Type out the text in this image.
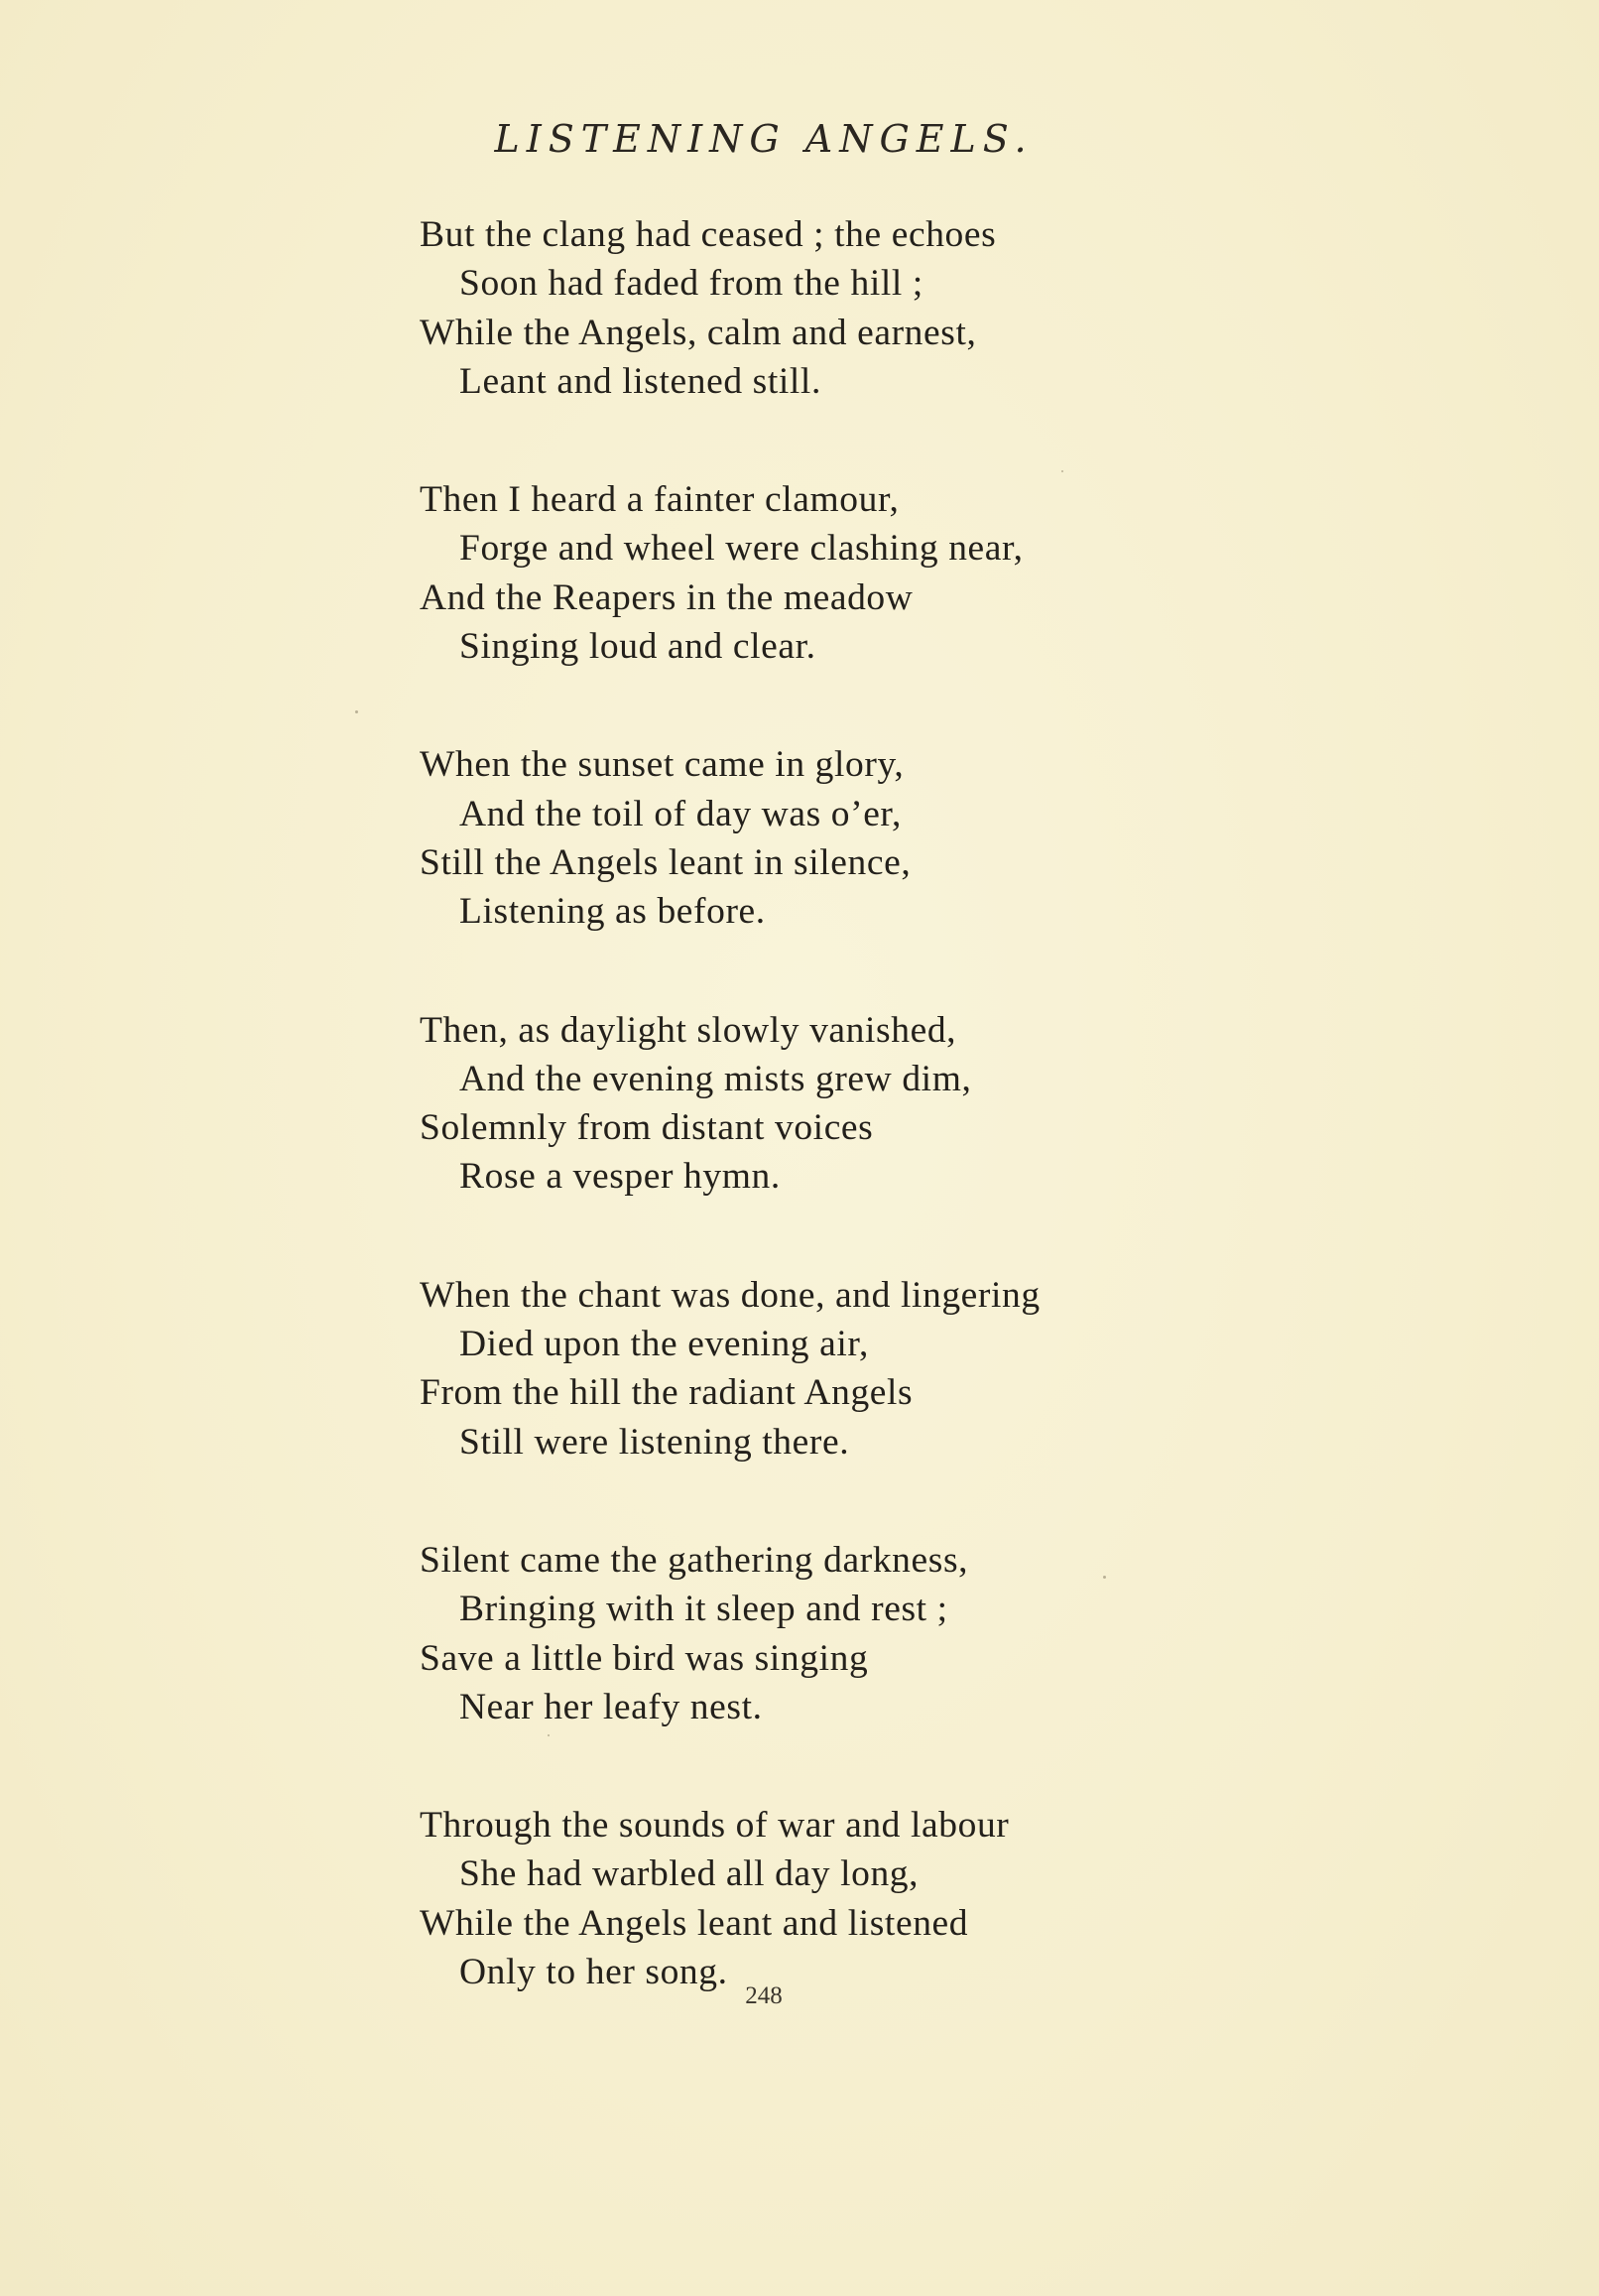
LISTENING ANGELS.
But the clang had ceased ; the echoes
Soon had faded from the hill ;
While the Angels, calm and earnest,
Leant and listened still.
Then I heard a fainter clamour,
Forge and wheel were clashing near,
And the Reapers in the meadow
Singing loud and clear.
When the sunset came in glory,
And the toil of day was o’er,
Still the Angels leant in silence,
Listening as before.
Then, as daylight slowly vanished,
And the evening mists grew dim,
Solemnly from distant voices
Rose a vesper hymn.
When the chant was done, and lingering
Died upon the evening air,
From the hill the radiant Angels
Still were listening there.
Silent came the gathering darkness,
Bringing with it sleep and rest ;
Save a little bird was singing
Near her leafy nest.
Through the sounds of war and labour
She had warbled all day long,
While the Angels leant and listened
Only to her song.
248
